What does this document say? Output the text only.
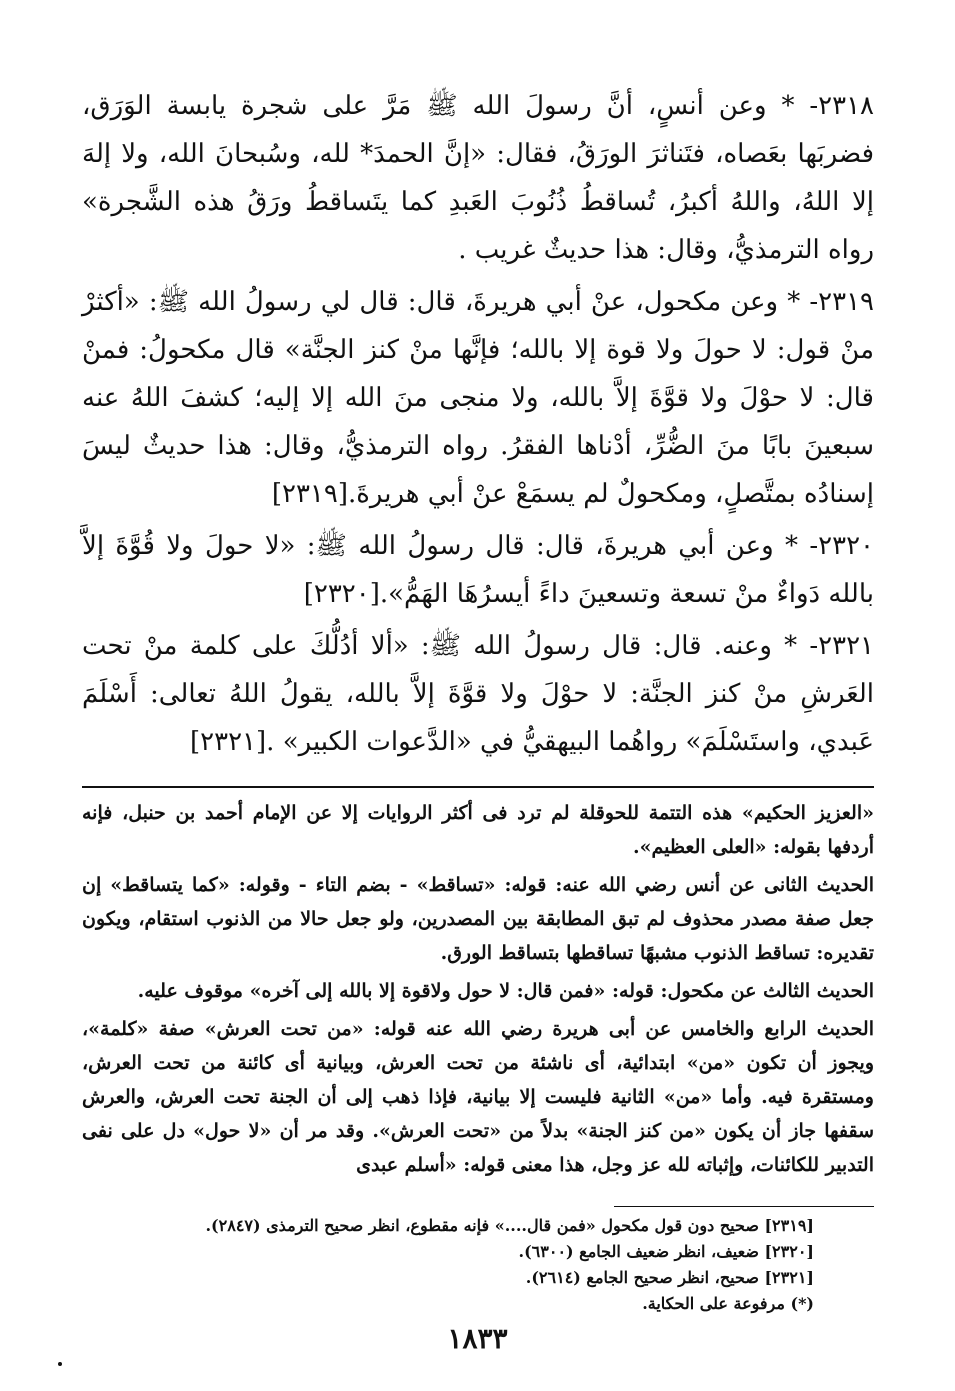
٢٣١٨- * وعن أنسٍ، أنَّ رسولَ الله ﷺ مَرَّ على شجرة يابسة الوَرَق، فضربَها بعَصاه، فتَناثرَ الورَقُ، فقال: «إنَّ الحمدَ* لله، وسُبحانَ الله، ولا إلهَ إلا اللهُ، واللهُ أكبرُ، تُساقطُ ذُنُوبَ العَبدِ كما يتَساقطُ ورَقُ هذه الشَّجرة» رواه الترمذيُّ، وقال: هذا حديثٌ غريب .

٢٣١٩- * وعن مكحول، عنْ أبي هريرةَ، قال: قال لي رسولُ الله ﷺ: «أكثرْ منْ قول: لا حولَ ولا قوة إلا بالله؛ فإنَّها منْ كنز الجنَّة» قال مكحولُ: فمنْ قال: لا حوْلَ ولا قوَّةَ إلاَّ بالله، ولا منجى منَ الله إلا إليه؛ كشفَ اللهُ عنه سبعينَ بابًا منَ الضُّرِّ، أدْناها الفقرُ. رواه الترمذيُّ، وقال: هذا حديثٌ ليسَ إسنادُه بمتَّصلٍ، ومكحولٌ لم يسمَعْ عنْ أبي هريرةَ.[٢٣١٩]

٢٣٢٠- * وعن أبي هريرةَ، قال: قال رسولُ الله ﷺ: «لا حولَ ولا قُوَّةَ إلاَّ بالله دَواءٌ منْ تسعة وتسعينَ داءً أيسرُهَا الهَمُّ».[٢٣٢٠]

٢٣٢١- * وعنه. قال: قال رسولُ الله ﷺ: «ألا أدُلُّكَ على كلمة منْ تحت العَرشِ منْ كنز الجنَّة: لا حوْلَ ولا قوَّةَ إلاَّ بالله، يقولُ اللهُ تعالى: أَسْلَمَ عَبدي، واستَسْلَمَ» رواهُما البيهقيُّ في «الدَّعوات الكبير» .[٢٣٢١]

«العزيز الحكيم» هذه التتمة للحوقلة لم ترد فى أكثر الروايات إلا عن الإمام أحمد بن حنبل، فإنه أردفها بقوله: «العلى العظيم».

الحديث الثانى عن أنس رضي الله عنه: قوله: «تساقط» - بضم التاء - وقوله: «كما يتساقط» إن جعل صفة مصدر محذوف لم تبق المطابقة بين المصدرين، ولو جعل حالا من الذنوب استقام، ويكون تقديره: تساقط الذنوب مشبهًا تساقطها بتساقط الورق.

الحديث الثالث عن مكحول: قوله: «فمن قال: لا حول ولاقوة إلا بالله إلى آخره» موقوف عليه.

الحديث الرابع والخامس عن أبى هريرة رضي الله عنه قوله: «من تحت العرش» صفة «كلمة»، ويجوز أن تكون «من» ابتدائية، أى ناشئة من تحت العرش، وبيانية أى كائنة من تحت العرش، ومستقرة فيه. وأما «من» الثانية فليست إلا بيانية، فإذا ذهب إلى أن الجنة تحت العرش، والعرش سقفها جاز أن يكون «من كنز الجنة» بدلاً من «تحت العرش». وقد مر أن «لا حول» دل على نفى التدبير للكائنات، وإثباته لله عز وجل، هذا معنى قوله: «أسلم عبدى

[٢٣١٩] صحيح دون قول مكحول «فمن قال....» فإنه مقطوع، انظر صحيح الترمذى (٢٨٤٧).
[٢٣٢٠] ضعيف، انظر ضعيف الجامع (٦٣٠٠).
[٢٣٢١] صحيح، انظر صحيح الجامع (٢٦١٤).
(*) مرفوعة على الحكاية.
١٨٣٣
